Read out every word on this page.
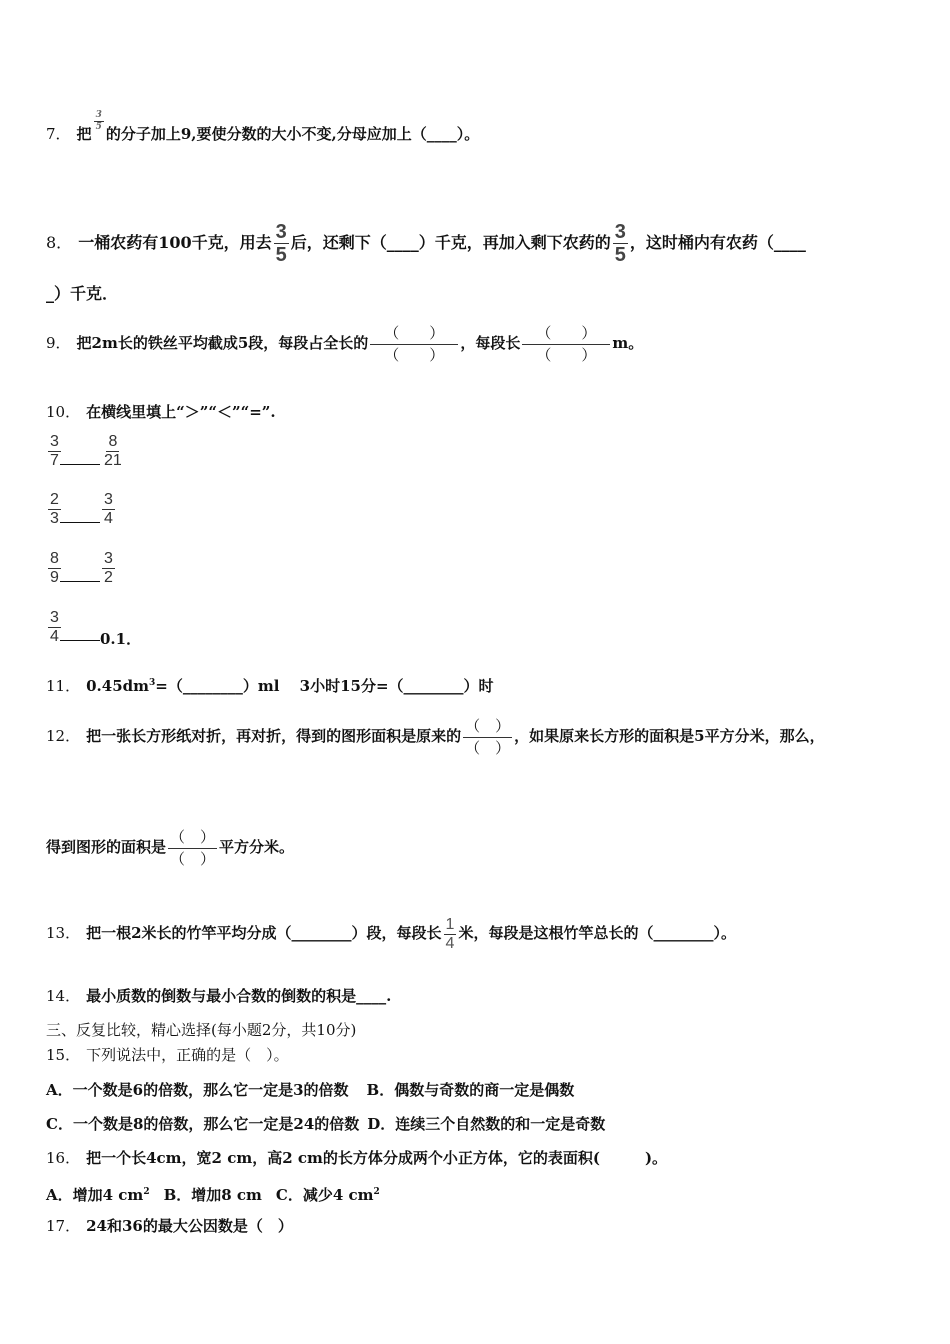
7． 把
$\frac{3}{5}$
的分子加上9,要使分数的大小不变,分母应加上（____）。
8． 一桶农药有100千克，用去 $\frac{3}{5}$ 后，还剩下（____）千克，再加入剩下农药的 $\frac{3}{5}$ ，这时桶内有农药（____
_）千克．
9． 把2m长的铁丝平均截成5段，每段占全长的 $\frac{( )}{( )}$ ，每段长 $\frac{( )}{( )}$ m。
10． 在横线里填上“＞”“＜”“=”.
$\frac{3}{7}$	$\frac{8}{21}$
$\frac{2}{3}$	$\frac{3}{4}$
$\frac{8}{9}$	$\frac{3}{2}$
$\frac{3}{4}$	0.1．
11． $0.45dm^3=(\_\_\_\_\_\_\_\_)ml$　 3小时15分=（________）时
12． 把一张长方形纸对折，再对折，得到的图形面积是原来的 $\frac{( )}{( )}$ ，如果原来长方形的面积是5平方分米，那么，
得到图形的面积是 $\frac{( )}{( )}$ 平方分米。
13． 把一根2米长的竹竿平均分成（________）段，每段长 $\frac{1}{4}$ 米，每段是这根竹竿总长的（________）。
14． 最小质数的倒数与最小合数的倒数的积是____.
三、反复比较，精心选择(每小题2分，共10分)
15． 下列说法中，正确的是（　）。
A．一个数是6的倍数，那么它一定是3的倍数 B．偶数与奇数的商一定是偶数
C．一个数是8的倍数，那么它一定是24的倍数 D．连续三个自然数的和一定是奇数
16． 把一个长4cm，宽2 cm，高2 cm的长方体分成两个小正方体，它的表面积(　　　)。
A．增加4 $cm^2$ B．增加8 cm C．减少4 $cm^2$
17． 24和36的最大公因数是（　）
